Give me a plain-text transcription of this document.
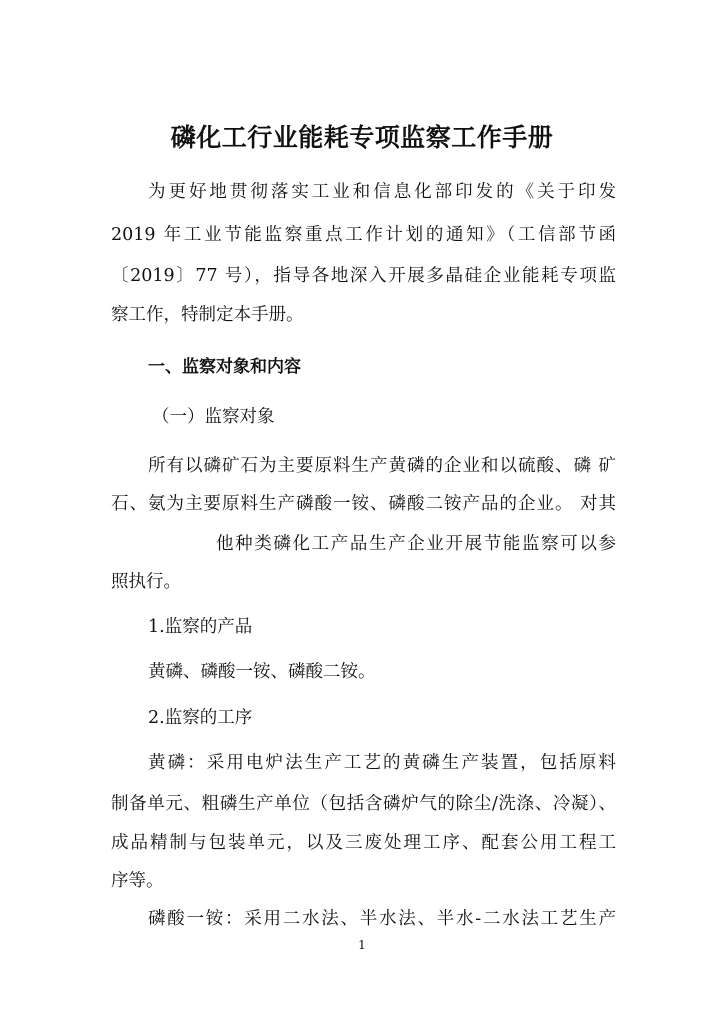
磷化工行业能耗专项监察工作手册
为更好地贯彻落实工业和信息化部印发的《关于印发
2019 年工业节能监察重点工作计划的通知》（工信部节函
〔2019〕77 号），指导各地深入开展多晶硅企业能耗专项监
察工作，特制定本手册。
一、监察对象和内容
（一）监察对象
所有以磷矿石为主要原料生产黄磷的企业和以硫酸、磷 矿
石、氨为主要原料生产磷酸一铵、磷酸二铵产品的企业。 对其
他种类磷化工产品生产企业开展节能监察可以参
照执行。
1.监察的产品
黄磷、磷酸一铵、磷酸二铵。
2.监察的工序
黄磷：采用电炉法生产工艺的黄磷生产装置，包括原料
制备单元、粗磷生产单位（包括含磷炉气的除尘/洗涤、冷凝）、
成品精制与包装单元，以及三废处理工序、配套公用工程工
序等。
磷酸一铵：采用二水法、半水法、半水-二水法工艺生产
1
